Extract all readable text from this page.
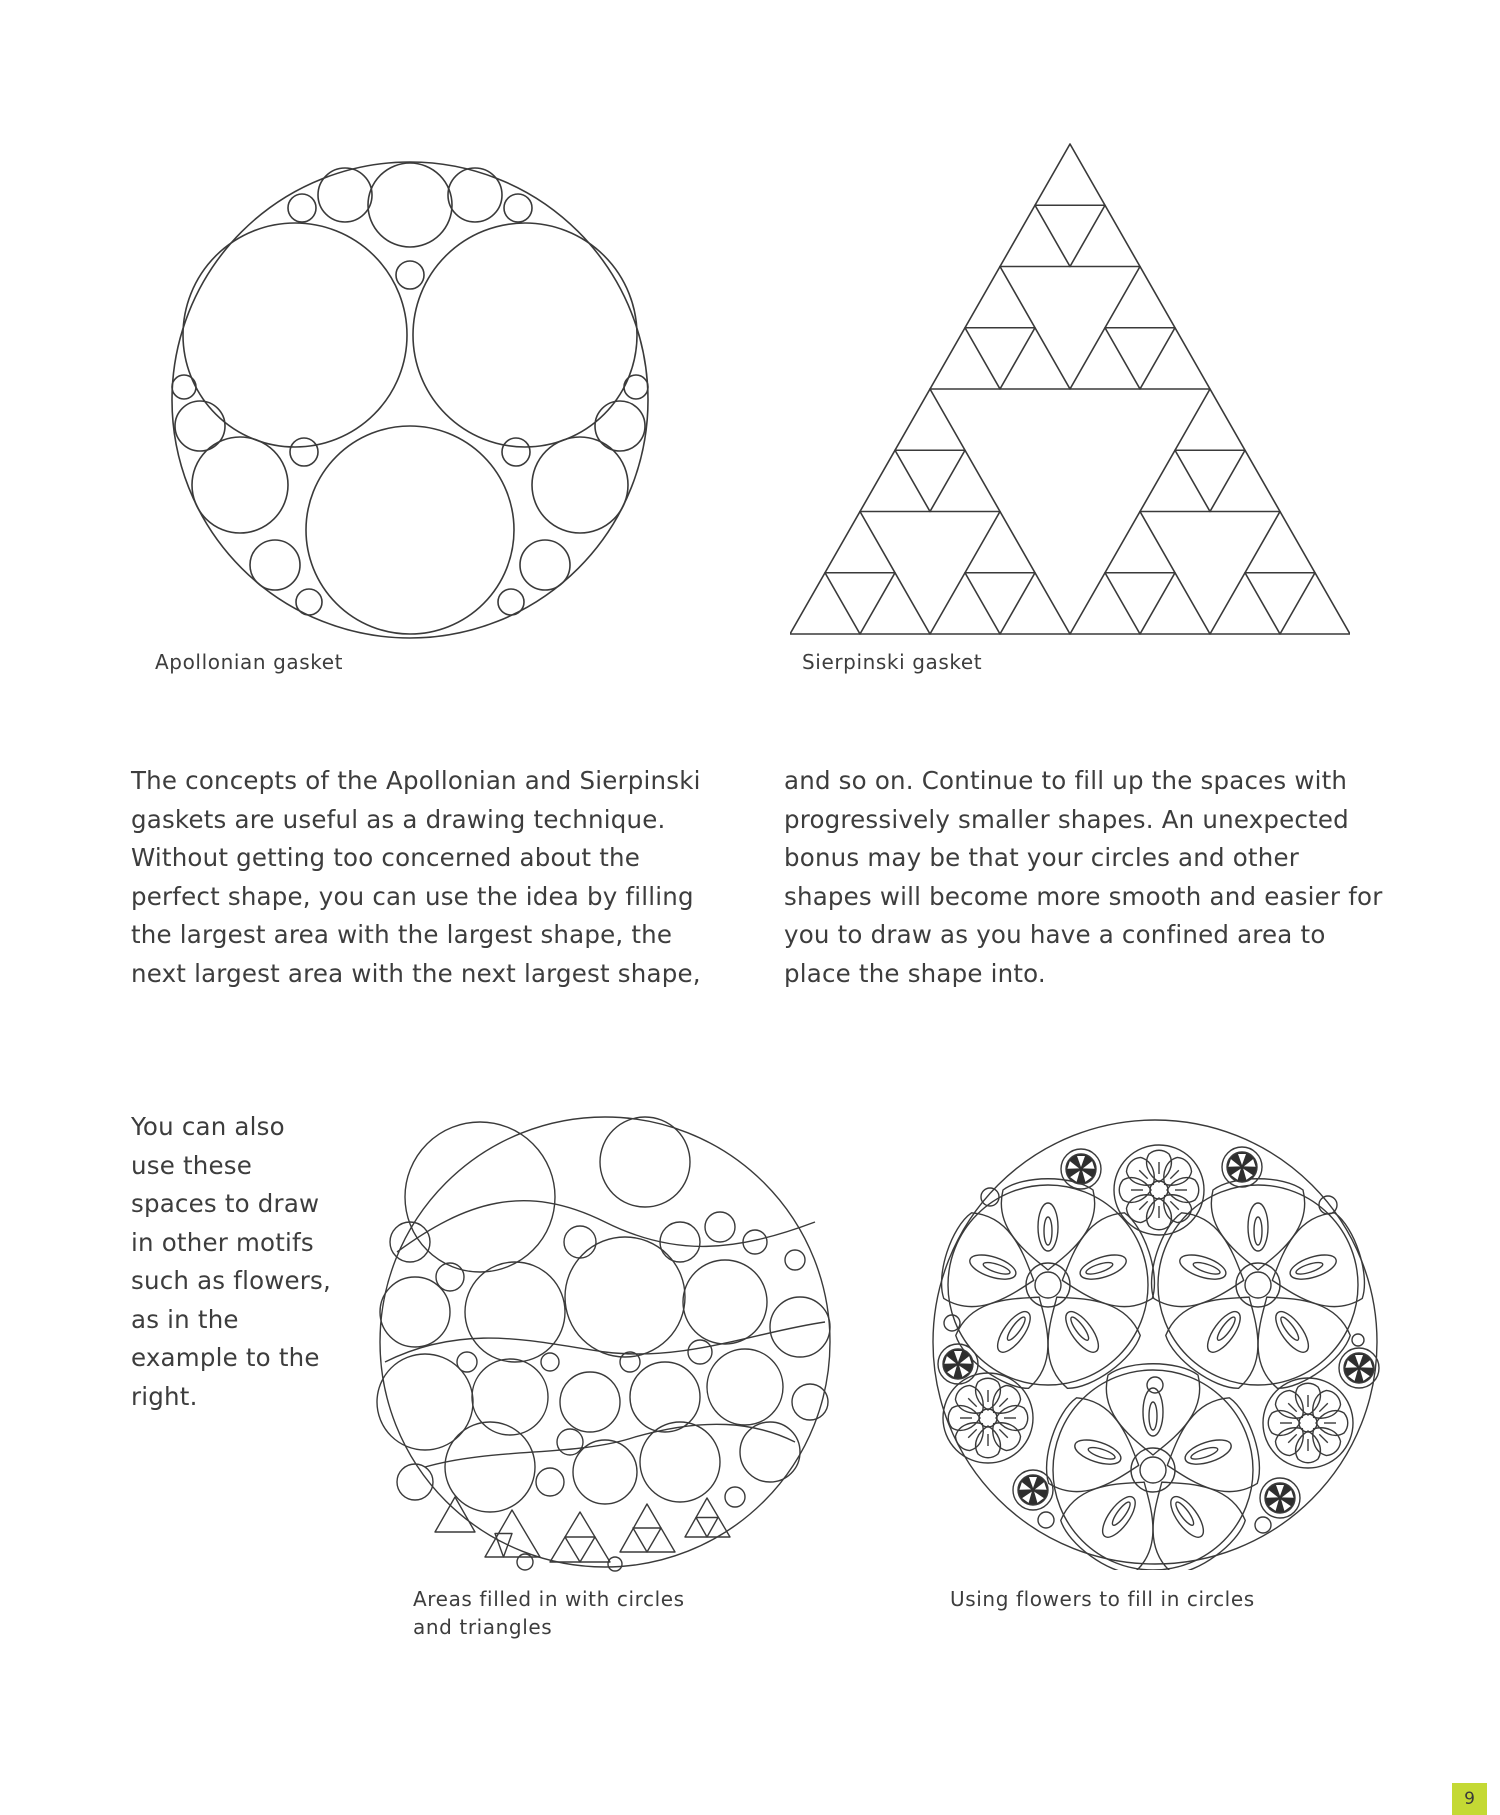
Apollonian gasket	Sierpinski gasket

The concepts of the Apollonian and Sierpinski gaskets are useful as a drawing technique. Without getting too concerned about the perfect shape, you can use the idea by filling the largest area with the largest shape, the next largest area with the next largest shape,

and so on. Continue to fill up the spaces with progressively smaller shapes. An unexpected bonus may be that your circles and other shapes will become more smooth and easier for you to draw as you have a confined area to place the shape into.

You can also use these spaces to draw in other motifs such as flowers, as in the example to the right.

Areas filled in with circles
and triangles

Using flowers to fill in circles

9
